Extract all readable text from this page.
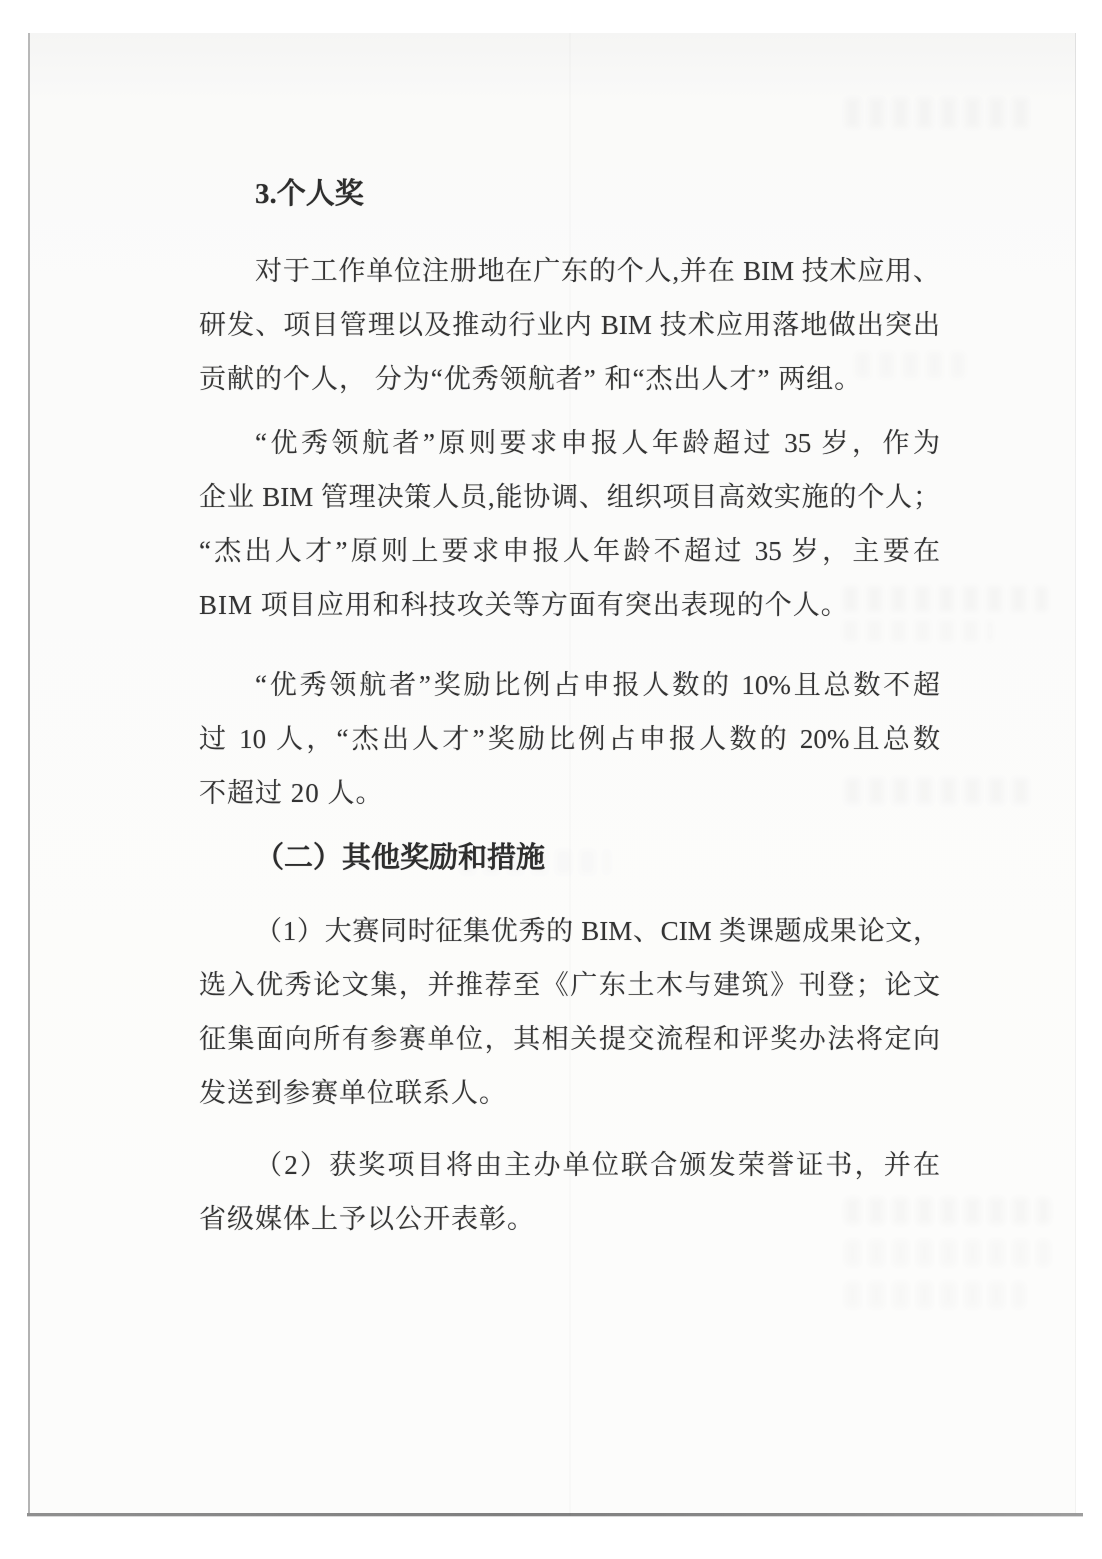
3.个人奖
对于工作单位注册地在广东的个人,并在 BIM 技术应用、
研发、项目管理以及推动行业内 BIM 技术应用落地做出突出
贡献的个人， 分为“优秀领航者” 和“杰出人才” 两组。
“优秀领航者”原则要求申报人年龄超过 35 岁，作为
企业 BIM 管理决策人员,能协调、组织项目高效实施的个人；
“杰出人才”原则上要求申报人年龄不超过 35 岁，主要在
BIM 项目应用和科技攻关等方面有突出表现的个人。
“优秀领航者”奖励比例占申报人数的 10%且总数不超
过 10 人，“杰出人才”奖励比例占申报人数的 20%且总数
不超过 20 人。
（二）其他奖励和措施
（1）大赛同时征集优秀的 BIM、CIM 类课题成果论文，
选入优秀论文集，并推荐至《广东土木与建筑》刊登；论文
征集面向所有参赛单位，其相关提交流程和评奖办法将定向
发送到参赛单位联系人。
（2）获奖项目将由主办单位联合颁发荣誉证书，并在
省级媒体上予以公开表彰。
